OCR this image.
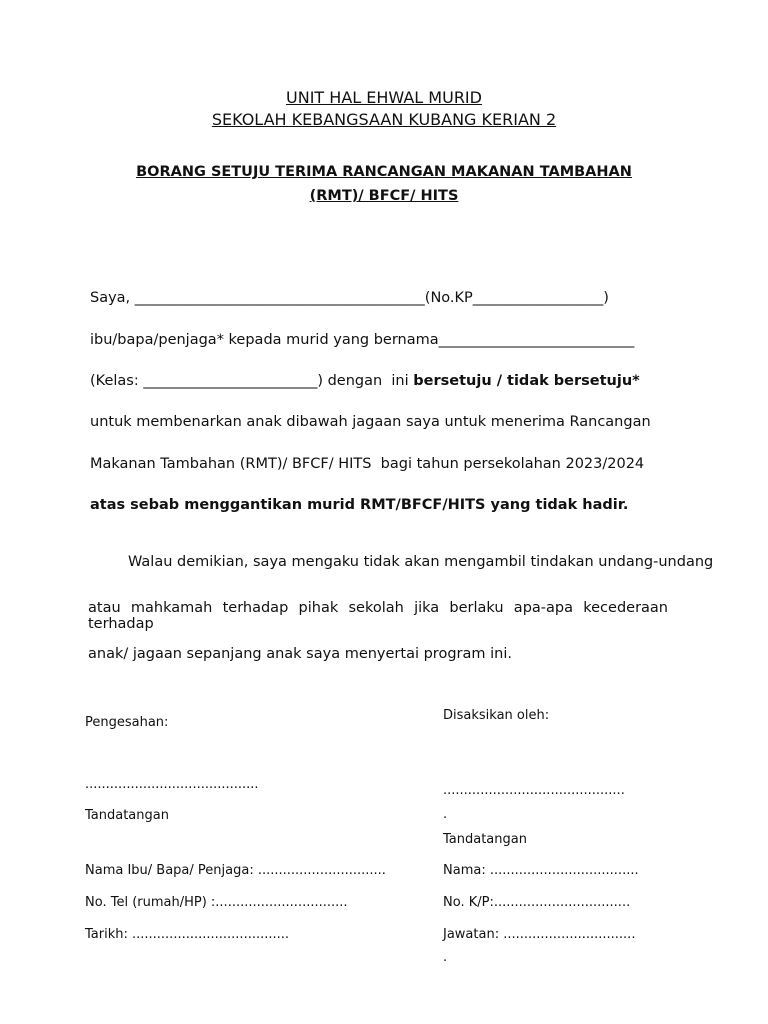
UNIT HAL EHWAL MURID
SEKOLAH KEBANGSAAN KUBANG KERIAN 2
BORANG SETUJU TERIMA RANCANGAN MAKANAN TAMBAHAN
(RMT)/ BFCF/ HITS
Saya, ________________________________________(No.KP__________________)
ibu/bapa/penjaga* kepada murid yang bernama___________________________
(Kelas: ________________________) dengan  ini bersetuju / tidak bersetuju*
untuk membenarkan anak dibawah jagaan saya untuk menerima Rancangan
Makanan Tambahan (RMT)/ BFCF/ HITS  bagi tahun persekolahan 2023/2024
atas sebab menggantikan murid RMT/BFCF/HITS yang tidak hadir.
Walau demikian, saya mengaku tidak akan mengambil tindakan undang-undang
atau mahkamah terhadap pihak sekolah jika berlaku apa-apa kecederaan terhadap
anak/ jagaan sepanjang anak saya menyertai program ini.
Pengesahan:
..........................................
Tandatangan
Nama Ibu/ Bapa/ Penjaga: ...............................
No. Tel (rumah/HP) :................................
Tarikh: ......................................
Disaksikan oleh:
............................................
.
Tandatangan
Nama: ....................................
No. K/P:.................................
Jawatan: ................................
.
